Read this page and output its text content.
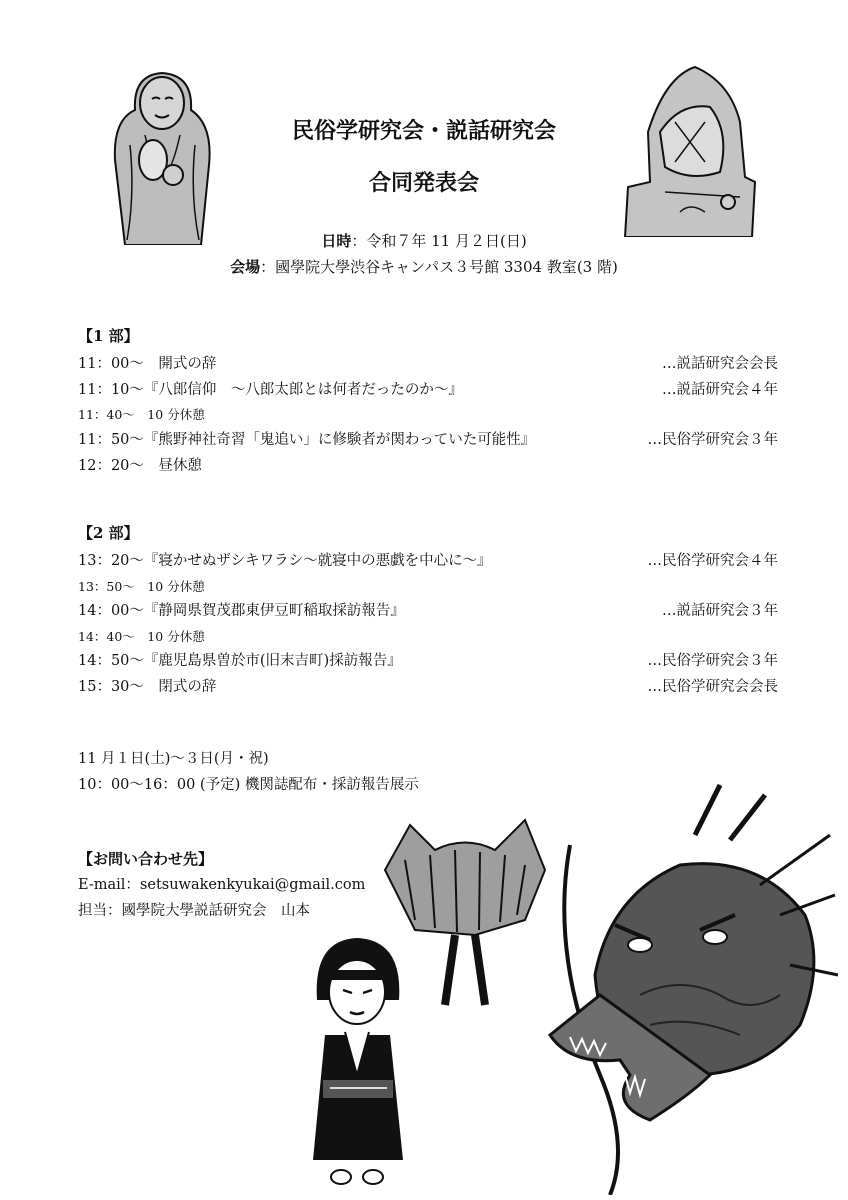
民俗学研究会・説話研究会
合同発表会
日時：令和７年 11 月２日(日)
会場：國學院大學渋谷キャンパス３号館 3304 教室(3 階)
【1 部】
11：00～　開式の辞	…説話研究会会長
11：10～『八郎信仰　～八郎太郎とは何者だったのか～』	…説話研究会４年
11：40～　10 分休憩
11：50～『熊野神社奇習「鬼追い」に修験者が関わっていた可能性』	…民俗学研究会３年
12：20～　昼休憩
【2 部】
13：20～『寝かせぬザシキワラシ～就寝中の悪戯を中心に～』	…民俗学研究会４年
13：50～　10 分休憩
14：00～『静岡県賀茂郡東伊豆町稲取採訪報告』	…説話研究会３年
14：40～　10 分休憩
14：50～『鹿児島県曽於市(旧末吉町)採訪報告』	…民俗学研究会３年
15：30～　閉式の辞	…民俗学研究会会長
11 月１日(土)～３日(月・祝)
10：00～16：00 (予定) 機関誌配布・採訪報告展示
【お問い合わせ先】
E-mail：setsuwakenkyukai@gmail.com
担当：國學院大學説話研究会　山本
